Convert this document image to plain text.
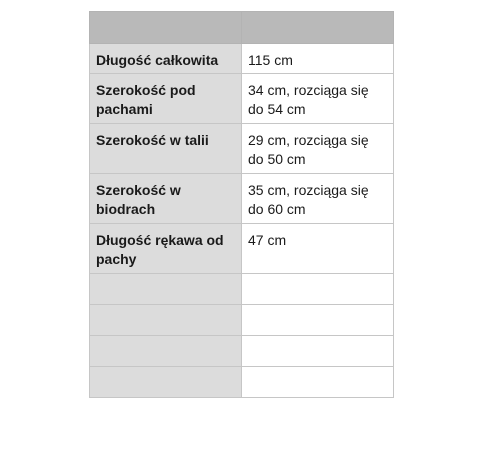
Długość całkowita	115 cm

Szerokość pod pachami	34 cm, rozciąga się do 54 cm

Szerokość w talii	29 cm, rozciąga się do 50 cm

Szerokość w biodrach	35 cm, rozciąga się do 60 cm

Długość rękawa od pachy	47 cm
